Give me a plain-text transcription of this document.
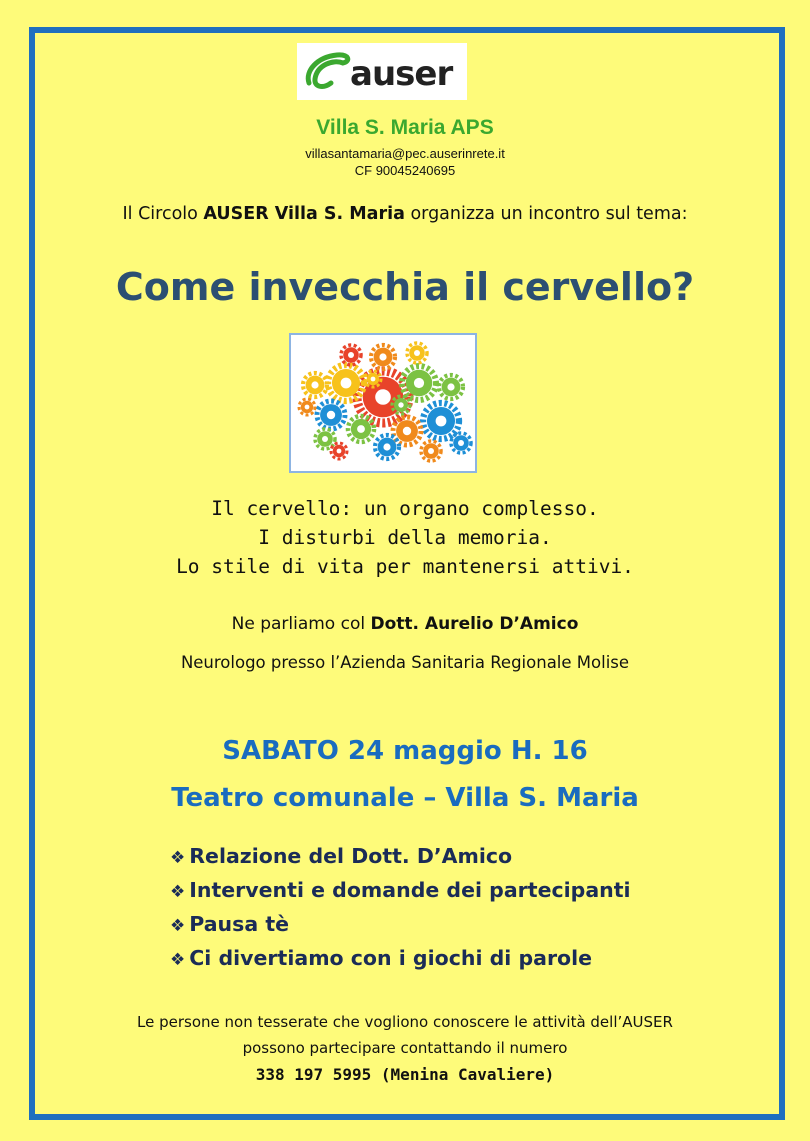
auser
Villa S. Maria APS
villasantamaria@pec.auserinrete.it
CF 90045240695
Il Circolo AUSER Villa S. Maria organizza un incontro sul tema:
Come invecchia il cervello?
Il cervello: un organo complesso.
I disturbi della memoria.
Lo stile di vita per mantenersi attivi.
Ne parliamo col Dott. Aurelio D’Amico
Neurologo presso l’Azienda Sanitaria Regionale Molise
SABATO 24 maggio H. 16
Teatro comunale – Villa S. Maria
❖ Relazione del Dott. D’Amico
❖ Interventi e domande dei partecipanti
❖ Pausa tè
❖ Ci divertiamo con i giochi di parole
Le persone non tesserate che vogliono conoscere le attività dell’AUSER
possono partecipare contattando il numero
338 197 5995 (Menina Cavaliere)
